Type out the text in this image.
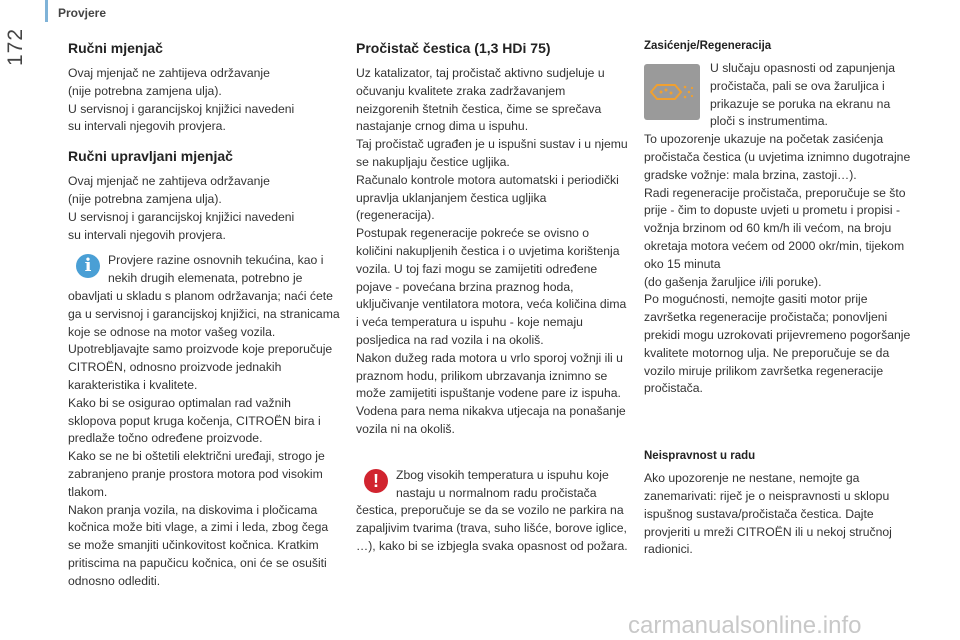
172
Provjere
Ručni mjenjač

Ovaj mjenjač ne zahtijeva održavanje
(nije potrebna zamjena ulja).
U servisnoj i garancijskoj knjižici navedeni
su intervali njegovih provjera.

Ručni upravljani mjenjač

Ovaj mjenjač ne zahtijeva održavanje
(nije potrebna zamjena ulja).
U servisnoj i garancijskoj knjižici navedeni
su intervali njegovih provjera.

i	Provjere razine osnovnih tekućina, kao i nekih drugih elemenata, potrebno je obavljati u skladu s planom održavanja; naći ćete ga u servisnoj i garancijskoj knjižici, na stranicama koje se odnose na motor vašeg vozila.

Upotrebljavajte samo proizvode koje preporučuje CITROËN, odnosno proizvode jednakih karakteristika i kvalitete.
Kako bi se osigurao optimalan rad važnih sklopova poput kruga kočenja, CITROËN bira i predlaže točno određene proizvode.
Kako se ne bi oštetili električni uređaji, strogo je zabranjeno pranje prostora motora pod visokim tlakom.
Nakon pranja vozila, na diskovima i pločicama kočnica može biti vlage, a zimi i leda, zbog čega se može smanjiti učinkovitost kočnica. Kratkim pritiscima na papučicu kočnica, oni će se osušiti odnosno odlediti.

Pročistač čestica (1,3 HDi 75)

Uz katalizator, taj pročistač aktivno sudjeluje u očuvanju kvalitete zraka zadržavanjem neizgorenih štetnih čestica, čime se sprečava nastajanje crnog dima u ispuhu.
Taj pročistač ugrađen je u ispušni sustav i u njemu se nakupljaju čestice ugljika.
Računalo kontrole motora automatski i periodički upravlja uklanjanjem čestica ugljika (regeneracija).
Postupak regeneracije pokreće se ovisno o količini nakupljenih čestica i o uvjetima korištenja vozila. U toj fazi mogu se zamijetiti određene pojave - povećana brzina praznog hoda, uključivanje ventilatora motora, veća količina dima i veća temperatura u ispuhu - koje nemaju posljedica na rad vozila i na okoliš.
Nakon dužeg rada motora u vrlo sporoj vožnji ili u praznom hodu, prilikom ubrzavanja iznimno se može zamijetiti ispuštanje vodene pare iz ispuha. Vodena para nema nikakva utjecaja na ponašanje vozila ni na okoliš.

!	Zbog visokih temperatura u ispuhu koje nastaju u normalnom radu pročistača čestica, preporučuje se da se vozilo ne parkira na zapaljivim tvarima (trava, suho lišće, borove iglice, …), kako bi se izbjegla svaka opasnost od požara.

Zasićenje/Regeneracija

U slučaju opasnosti od zapunjenja pročistača, pali se ova žaruljica i prikazuje se poruka na ekranu na ploči s instrumentima.

To upozorenje ukazuje na početak zasićenja pročistača čestica (u uvjetima iznimno dugotrajne gradske vožnje: mala brzina, zastoji…).
Radi regeneracije pročistača, preporučuje se što prije - čim to dopuste uvjeti u prometu i propisi - vožnja brzinom od 60 km/h ili većom, na broju okretaja motora većem od 2000 okr/min, tijekom oko 15 minuta
(do gašenja žaruljice i/ili poruke).
Po mogućnosti, nemojte gasiti motor prije završetka regeneracije pročistača; ponovljeni prekidi mogu uzrokovati prijevremeno pogoršanje kvalitete motornog ulja. Ne preporučuje se da vozilo miruje prilikom završetka regeneracije pročistača.

Neispravnost u radu

Ako upozorenje ne nestane, nemojte ga zanemarivati: riječ je o neispravnosti u sklopu ispušnog sustava/pročistača čestica. Dajte provjeriti u mreži CITROËN ili u nekoj stručnoj radionici.

carmanualsonline.info
